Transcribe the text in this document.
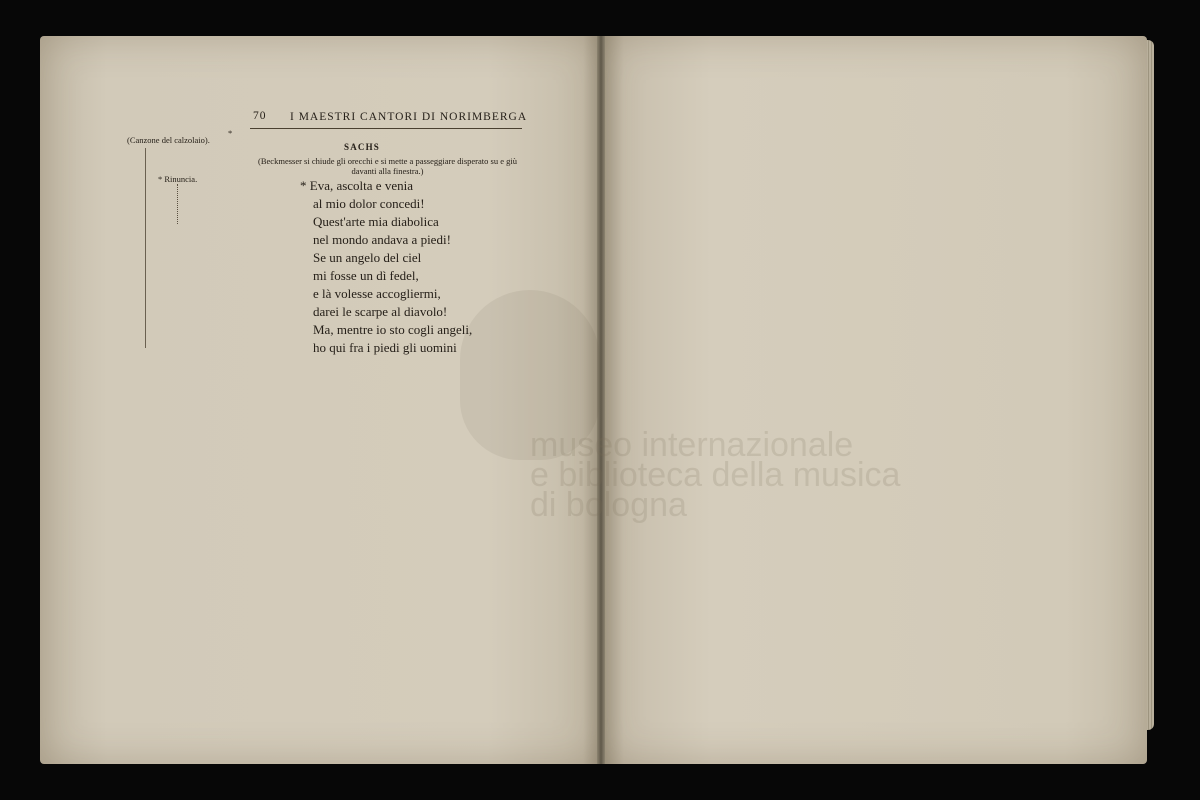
museo internazionale
e biblioteca della musica
di bologna
70 I MAESTRI CANTORI DI NORIMBERGA
*
(Canzone del calzolaio).
* Rinuncia.
SACHS
(Beckmesser si chiude gli orecchi e si mette a passeggiare disperato su e giù davanti alla finestra.)
* Eva, ascolta e venia
al mio dolor concedi!
Quest'arte mia diabolica
nel mondo andava a piedi!
Se un angelo del ciel
mi fosse un dì fedel,
e là volesse accogliermi,
darei le scarpe al diavolo!
Ma, mentre io sto cogli angeli,
ho qui fra i piedi gli uomini
